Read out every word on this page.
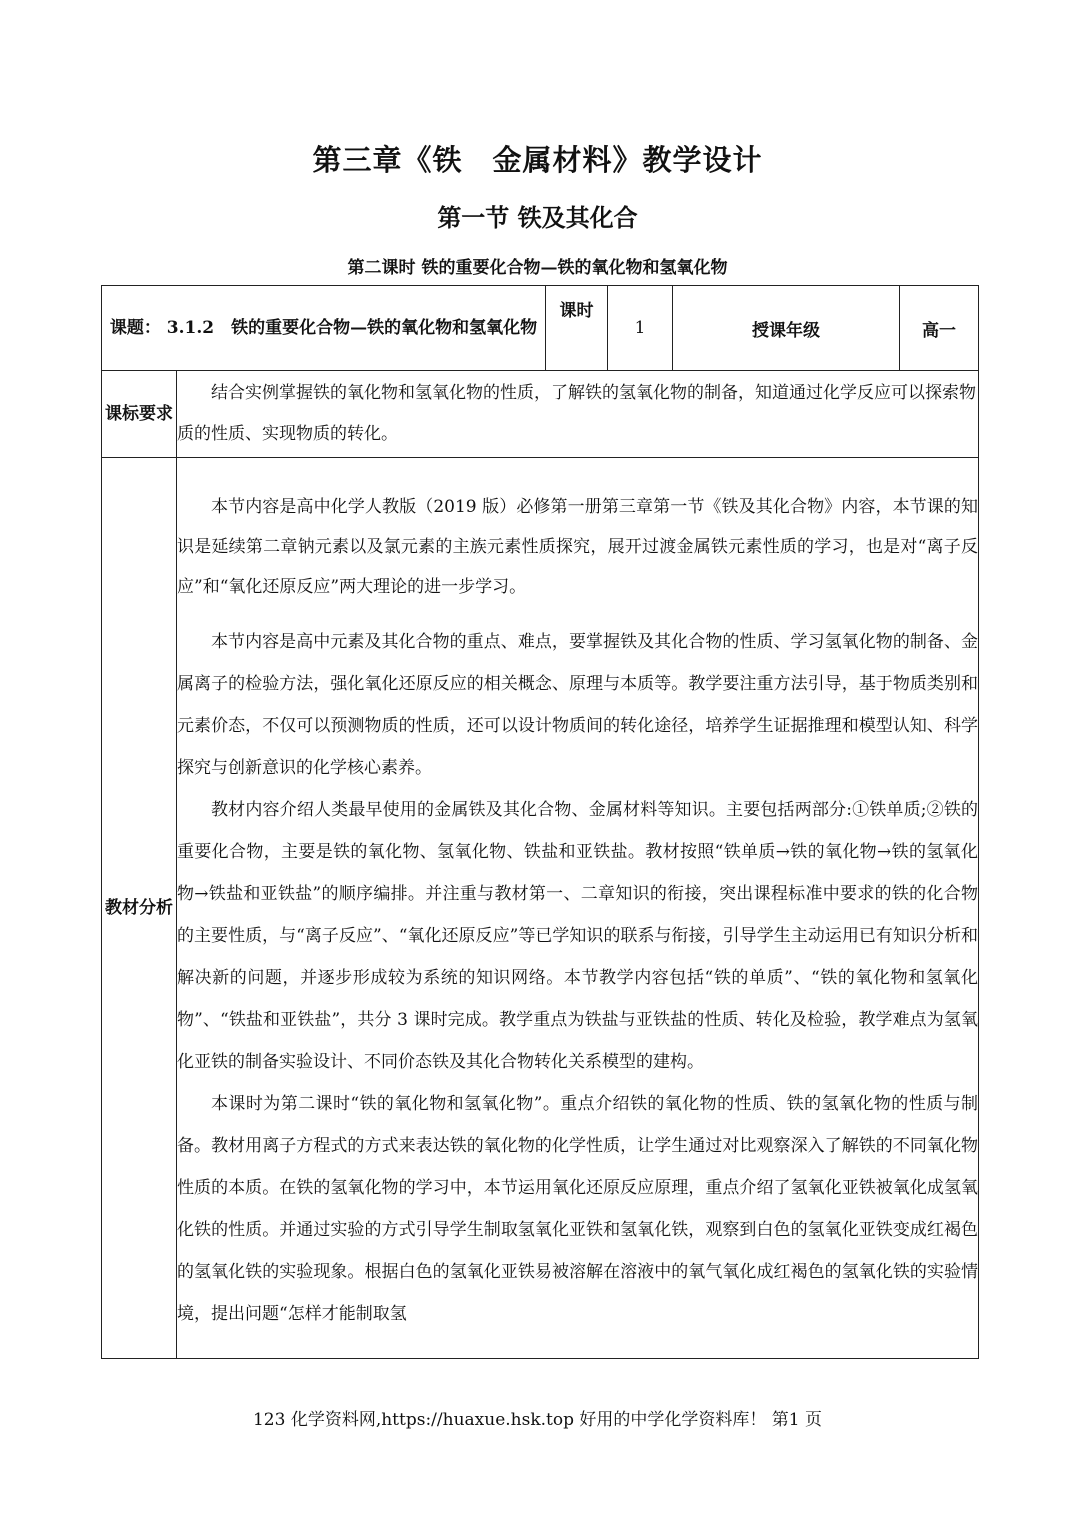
第三章《铁　金属材料》教学设计
第一节 铁及其化合
第二课时 铁的重要化合物—铁的氧化物和氢氧化物
课题： 3.1.2　铁的重要化合物—铁的氧化物和氢氧化物		课时	1	授课年级	高一
课标要求	结合实例掌握铁的氧化物和氢氧化物的性质，了解铁的氢氧化物的制备，知道通过化学反应可以探索物质的性质、实现物质的转化。				
教材分析	本节内容是高中化学人教版（2019 版）必修第一册第三章第一节《铁及其化合物》内容，本节课的知识是延续第二章钠元素以及氯元素的主族元素性质探究，展开过渡金属铁元素性质的学习，也是对“离子反应”和“氧化还原反应”两大理论的进一步学习。

本节内容是高中元素及其化合物的重点、难点，要掌握铁及其化合物的性质、学习氢氧化物的制备、金属离子的检验方法，强化氧化还原反应的相关概念、原理与本质等。教学要注重方法引导，基于物质类别和元素价态，不仅可以预测物质的性质，还可以设计物质间的转化途径，培养学生证据推理和模型认知、科学探究与创新意识的化学核心素养。

教材内容介绍人类最早使用的金属铁及其化合物、金属材料等知识。主要包括两部分:①铁单质;②铁的重要化合物，主要是铁的氧化物、氢氧化物、铁盐和亚铁盐。教材按照“铁单质→铁的氧化物→铁的氢氧化物→铁盐和亚铁盐”的顺序编排。并注重与教材第一、二章知识的衔接，突出课程标准中要求的铁的化合物的主要性质，与“离子反应”、“氧化还原反应”等已学知识的联系与衔接，引导学生主动运用已有知识分析和解决新的问题，并逐步形成较为系统的知识网络。本节教学内容包括“铁的单质”、“铁的氧化物和氢氧化物”、“铁盐和亚铁盐”，共分 3 课时完成。教学重点为铁盐与亚铁盐的性质、转化及检验，教学难点为氢氧化亚铁的制备实验设计、不同价态铁及其化合物转化关系模型的建构。

本课时为第二课时“铁的氧化物和氢氧化物”。重点介绍铁的氧化物的性质、铁的氢氧化物的性质与制备。教材用离子方程式的方式来表达铁的氧化物的化学性质，让学生通过对比观察深入了解铁的不同氧化物性质的本质。在铁的氢氧化物的学习中，本节运用氧化还原反应原理，重点介绍了氢氧化亚铁被氧化成氢氧化铁的性质。并通过实验的方式引导学生制取氢氧化亚铁和氢氧化铁，观察到白色的氢氧化亚铁变成红褐色的氢氧化铁的实验现象。根据白色的氢氧化亚铁易被溶解在溶液中的氧气氧化成红褐色的氢氧化铁的实验情境，提出问题“怎样才能制取氢				

123 化学资料网,https://huaxue.hsk.top 好用的中学化学资料库！ 第1 页
